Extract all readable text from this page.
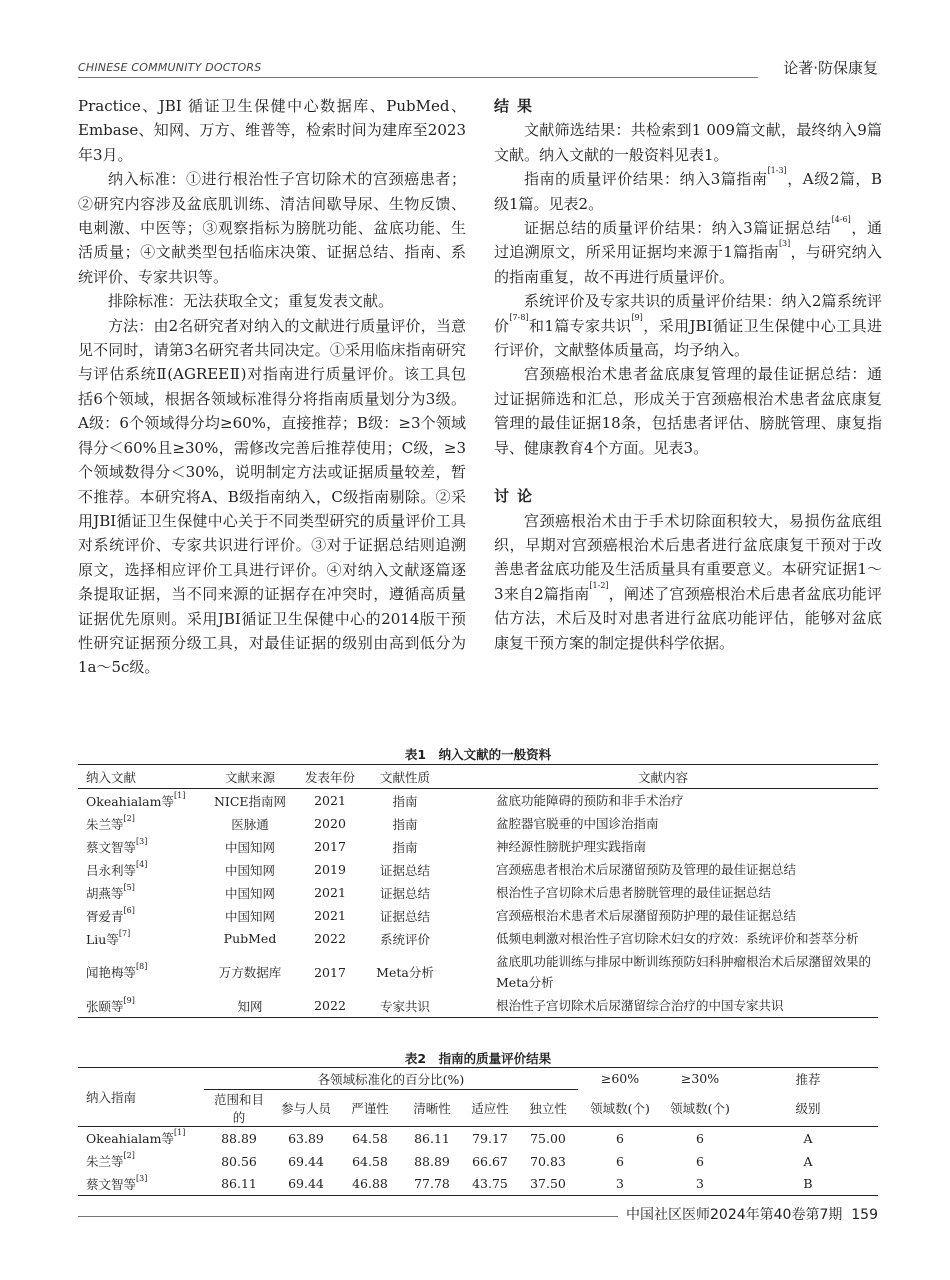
CHINESE COMMUNITY DOCTORS	论著·防保康复

Practice、JBI 循证卫生保健中心数据库、PubMed、Embase、知网、万方、维普等，检索时间为建库至2023年3月。

纳入标准：①进行根治性子宫切除术的宫颈癌患者；②研究内容涉及盆底肌训练、清洁间歇导尿、生物反馈、电刺激、中医等；③观察指标为膀胱功能、盆底功能、生活质量；④文献类型包括临床决策、证据总结、指南、系统评价、专家共识等。

排除标准：无法获取全文；重复发表文献。

方法：由2名研究者对纳入的文献进行质量评价，当意见不同时，请第3名研究者共同决定。①采用临床指南研究与评估系统Ⅱ(AGREEⅡ)对指南进行质量评价。该工具包括6个领域，根据各领域标准得分将指南质量划分为3级。A级：6个领域得分均≥60%，直接推荐；B级：≥3个领域得分＜60%且≥30%，需修改完善后推荐使用；C级，≥3个领域数得分＜30%，说明制定方法或证据质量较差，暂不推荐。本研究将A、B级指南纳入，C级指南剔除。②采用JBI循证卫生保健中心关于不同类型研究的质量评价工具对系统评价、专家共识进行评价。③对于证据总结则追溯原文，选择相应评价工具进行评价。④对纳入文献逐篇逐条提取证据，当不同来源的证据存在冲突时，遵循高质量证据优先原则。采用JBI循证卫生保健中心的2014版干预性研究证据预分级工具，对最佳证据的级别由高到低分为1a～5c级。

结果

文献筛选结果：共检索到1 009篇文献，最终纳入9篇文献。纳入文献的一般资料见表1。

指南的质量评价结果：纳入3篇指南[1-3]，A级2篇，B级1篇。见表2。

证据总结的质量评价结果：纳入3篇证据总结[4-6]，通过追溯原文，所采用证据均来源于1篇指南[3]，与研究纳入的指南重复，故不再进行质量评价。

系统评价及专家共识的质量评价结果：纳入2篇系统评价[7-8]和1篇专家共识[9]，采用JBI循证卫生保健中心工具进行评价，文献整体质量高，均予纳入。

宫颈癌根治术患者盆底康复管理的最佳证据总结：通过证据筛选和汇总，形成关于宫颈癌根治术患者盆底康复管理的最佳证据18条，包括患者评估、膀胱管理、康复指导、健康教育4个方面。见表3。

讨论

宫颈癌根治术由于手术切除面积较大，易损伤盆底组织，早期对宫颈癌根治术后患者进行盆底康复干预对于改善患者盆底功能及生活质量具有重要意义。本研究证据1～3来自2篇指南[1-2]，阐述了宫颈癌根治术后患者盆底功能评估方法，术后及时对患者进行盆底功能评估，能够对盆底康复干预方案的制定提供科学依据。

表1　纳入文献的一般资料
纳入文献	文献来源	发表年份	文献性质	文献内容
Okeahialam等[1]	NICE指南网	2021	指南	盆底功能障碍的预防和非手术治疗
朱兰等[2]	医脉通	2020	指南	盆腔器官脱垂的中国诊治指南
蔡文智等[3]	中国知网	2017	指南	神经源性膀胱护理实践指南
吕永利等[4]	中国知网	2019	证据总结	宫颈癌患者根治术后尿潴留预防及管理的最佳证据总结
胡燕等[5]	中国知网	2021	证据总结	根治性子宫切除术后患者膀胱管理的最佳证据总结
胥爱青[6]	中国知网	2021	证据总结	宫颈癌根治术患者术后尿潴留预防护理的最佳证据总结
Liu等[7]	PubMed	2022	系统评价	低频电刺激对根治性子宫切除术妇女的疗效：系统评价和荟萃分析
闻艳梅等[8]	万方数据库	2017	Meta分析	盆底肌功能训练与排尿中断训练预防妇科肿瘤根治术后尿潴留效果的Meta分析
张颐等[9]	知网	2022	专家共识	根治性子宫切除术后尿潴留综合治疗的中国专家共识
表2　指南的质量评价结果
纳入指南	各领域标准化的百分比(%)						≥60%	≥30%	推荐
	范围和目的	参与人员	严谨性	清晰性	适应性	独立性	领域数(个)	领域数(个)	级别
Okeahialam等[1]	88.89	63.89	64.58	86.11	79.17	75.00	6	6	A
朱兰等[2]	80.56	69.44	64.58	88.89	66.67	70.83	6	6	A
蔡文智等[3]	86.11	69.44	46.88	77.78	43.75	37.50	3	3	B
中国社区医师2024年第40卷第7期 159
